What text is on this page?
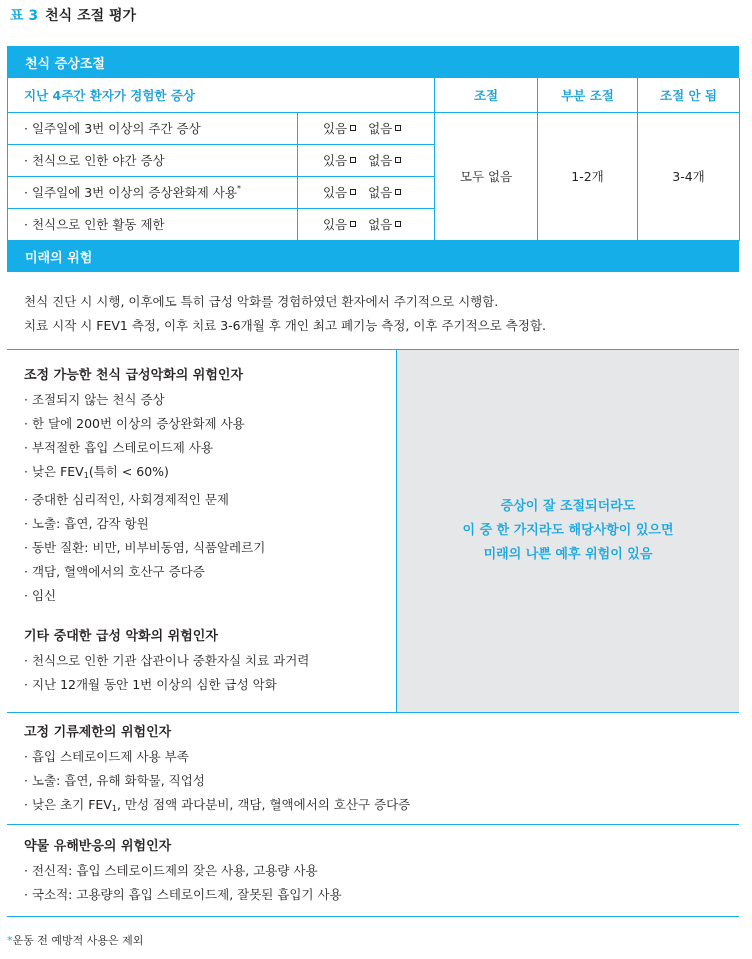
표 3 천식 조절 평가
천식 증상조절
지난 4주간 환자가 경험한 증상		조절	부분 조절	조절 안 됨
· 일주일에 3번 이상의 주간 증상	있음 없음	모두 없음	1-2개	3-4개
· 천식으로 인한 야간 증상	있음 없음			
· 일주일에 3번 이상의 증상완화제 사용*	있음 없음			
· 천식으로 인한 활동 제한	있음 없음			
미래의 위험
천식 진단 시 시행, 이후에도 특히 급성 악화를 경험하였던 환자에서 주기적으로 시행함.
치료 시작 시 FEV1 측정, 이후 치료 3-6개월 후 개인 최고 폐기능 측정, 이후 주기적으로 측정함.
증상이 잘 조절되더라도
이 중 한 가지라도 해당사항이 있으면
미래의 나쁜 예후 위험이 있음
조정 가능한 천식 급성악화의 위험인자
· 조절되지 않는 천식 증상
· 한 달에 200번 이상의 증상완화제 사용
· 부적절한 흡입 스테로이드제 사용
· 낮은 $FEV_1$(특히 < 60%)
· 중대한 심리적인, 사회경제적인 문제
· 노출: 흡연, 감작 항원
· 동반 질환: 비만, 비부비동염, 식품알레르기
· 객담, 혈액에서의 호산구 증다증
· 임신
기타 중대한 급성 악화의 위험인자
· 천식으로 인한 기관 삽관이나 중환자실 치료 과거력
· 지난 12개월 동안 1번 이상의 심한 급성 악화
고정 기류제한의 위험인자
· 흡입 스테로이드제 사용 부족
· 노출: 흡연, 유해 화학물, 직업성
· 낮은 초기 $FEV_1$, 만성 점액 과다분비, 객담, 혈액에서의 호산구 증다증
약물 유해반응의 위험인자
· 전신적: 흡입 스테로이드제의 잦은 사용, 고용량 사용
· 국소적: 고용량의 흡입 스테로이드제, 잘못된 흡입기 사용
*운동 전 예방적 사용은 제외
